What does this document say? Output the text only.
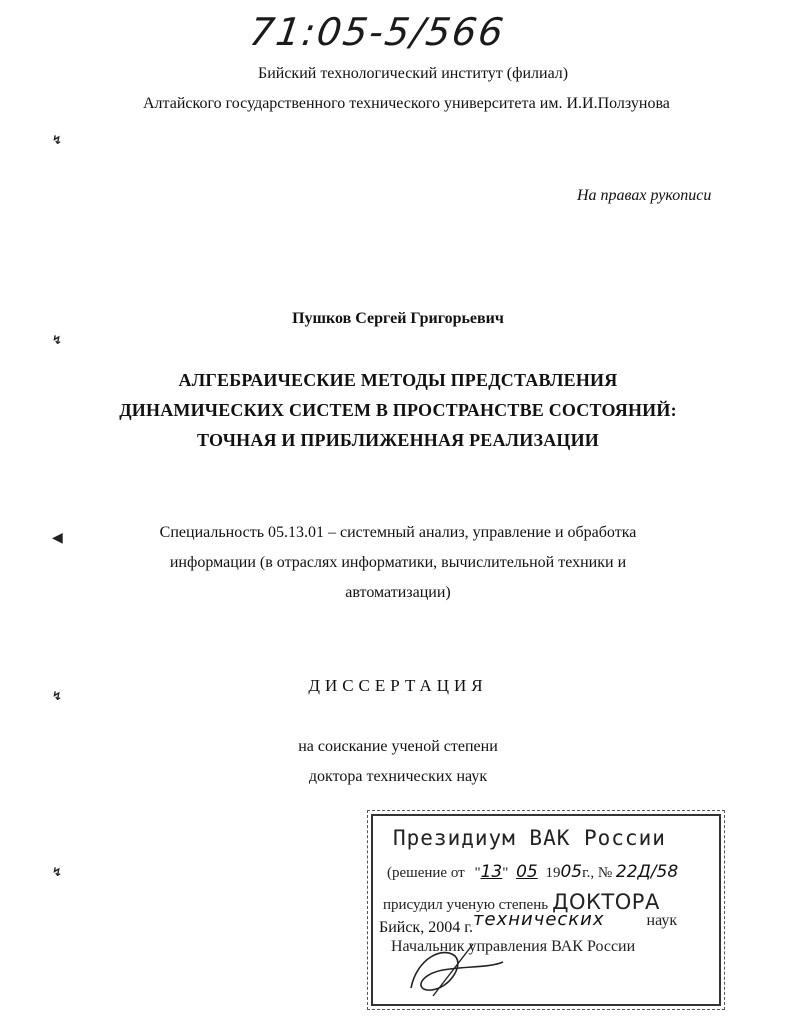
71:05-5/566
↯
↯
◀
↯
↯
Бийский технологический институт (филиал)
Алтайского государственного технического университета им. И.И.Ползунова
На правах рукописи
Пушков Сергей Григорьевич
АЛГЕБРАИЧЕСКИЕ МЕТОДЫ ПРЕДСТАВЛЕНИЯ
ДИНАМИЧЕСКИХ СИСТЕМ В ПРОСТРАНСТВЕ СОСТОЯНИЙ:
ТОЧНАЯ И ПРИБЛИЖЕННАЯ РЕАЛИЗАЦИИ
Специальность 05.13.01 – системный анализ, управление и обработка
информации (в отраслях информатики, вычислительной техники и
автоматизации)
ДИССЕРТАЦИЯ
на соискание ученой степени
доктора технических наук
Президиум ВАК России
(решение от "13" 05 1905г., № 22Д/58
присудил ученую степень ДОКТОРА
технических	наук
Начальник управления ВАК России
Бийск, 2004 г.
